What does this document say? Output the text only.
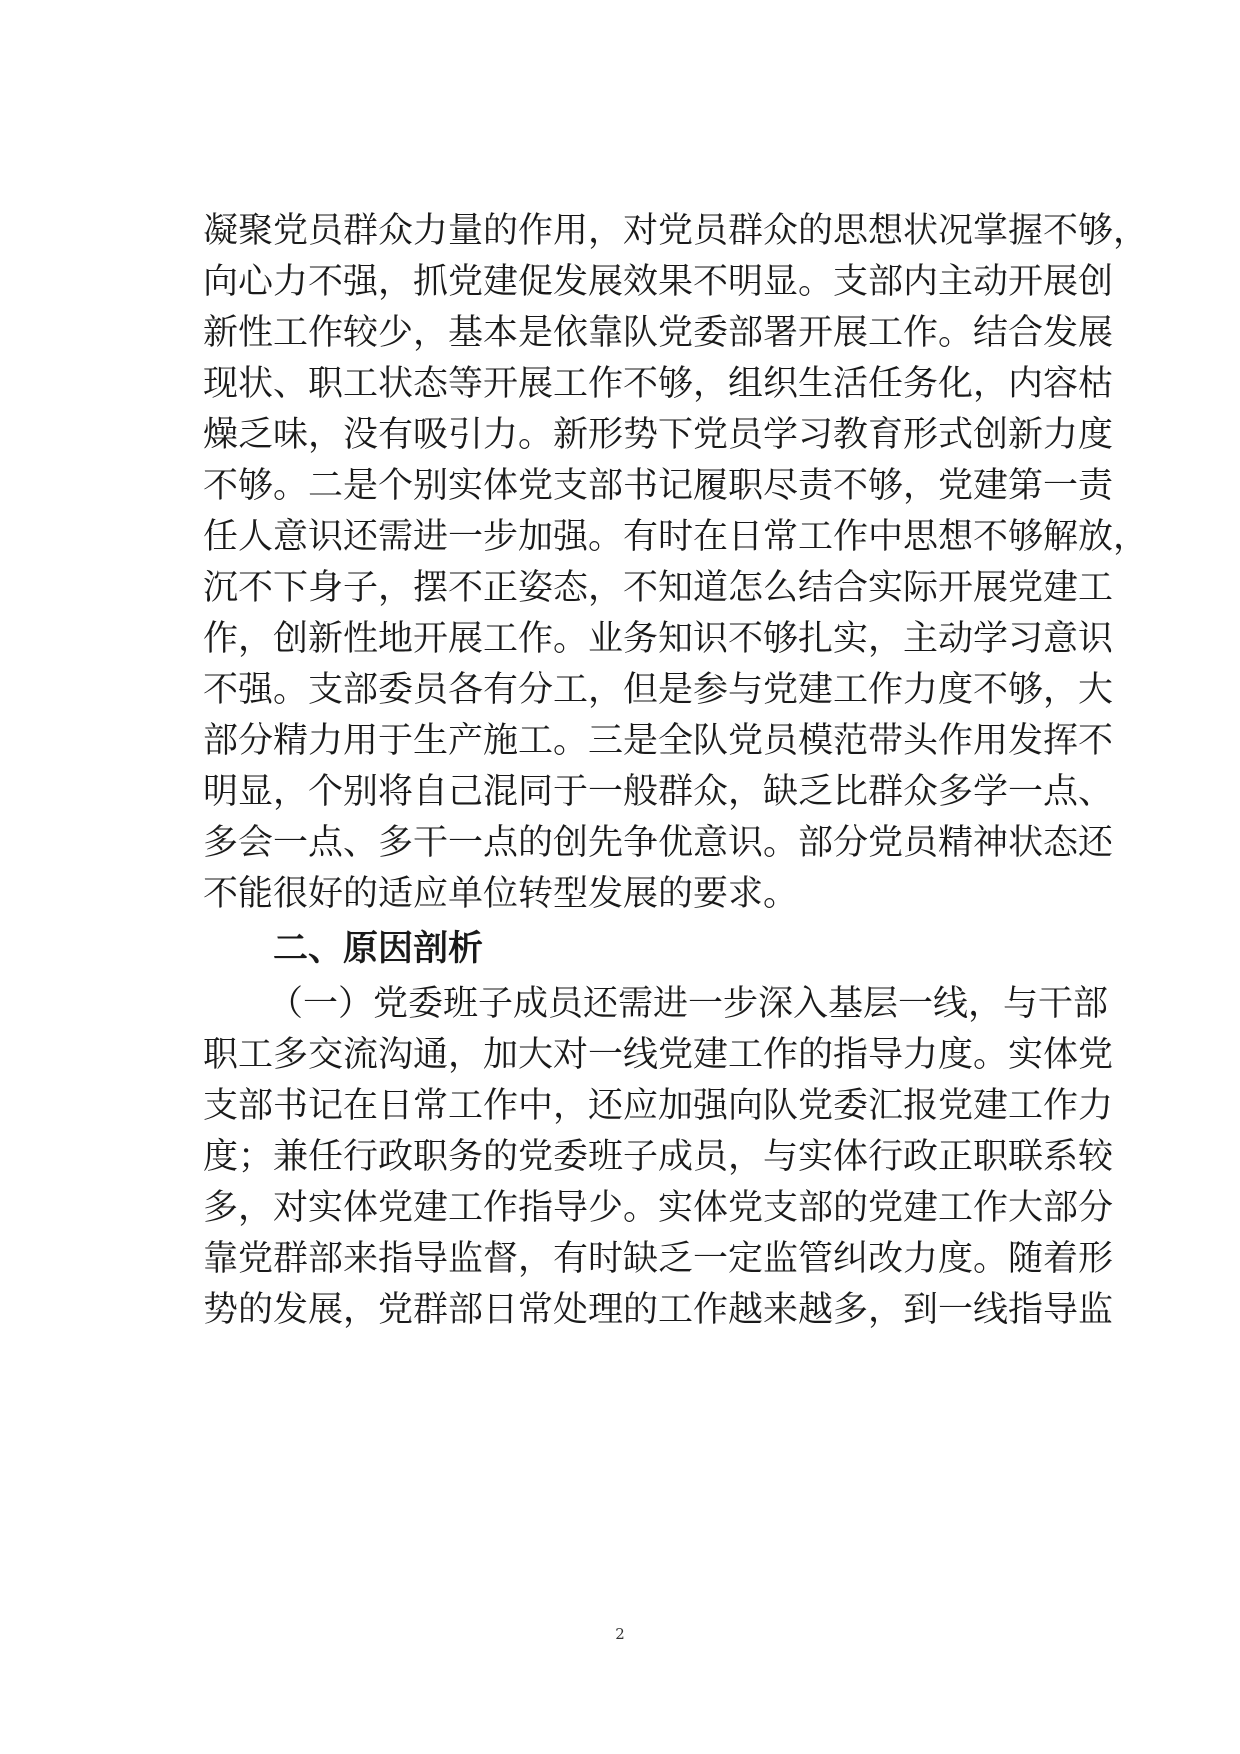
凝聚党员群众力量的作用，对党员群众的思想状况掌握不够，
向心力不强，抓党建促发展效果不明显。支部内主动开展创
新性工作较少，基本是依靠队党委部署开展工作。结合发展
现状、职工状态等开展工作不够，组织生活任务化，内容枯
燥乏味，没有吸引力。新形势下党员学习教育形式创新力度
不够。二是个别实体党支部书记履职尽责不够，党建第一责
任人意识还需进一步加强。有时在日常工作中思想不够解放，
沉不下身子，摆不正姿态，不知道怎么结合实际开展党建工
作，创新性地开展工作。业务知识不够扎实，主动学习意识
不强。支部委员各有分工，但是参与党建工作力度不够，大
部分精力用于生产施工。三是全队党员模范带头作用发挥不
明显，个别将自己混同于一般群众，缺乏比群众多学一点、
多会一点、多干一点的创先争优意识。部分党员精神状态还
不能很好的适应单位转型发展的要求。
二、原因剖析
（一）党委班子成员还需进一步深入基层一线，与干部
职工多交流沟通，加大对一线党建工作的指导力度。实体党
支部书记在日常工作中，还应加强向队党委汇报党建工作力
度；兼任行政职务的党委班子成员，与实体行政正职联系较
多，对实体党建工作指导少。实体党支部的党建工作大部分
靠党群部来指导监督，有时缺乏一定监管纠改力度。随着形
势的发展，党群部日常处理的工作越来越多，到一线指导监
2
